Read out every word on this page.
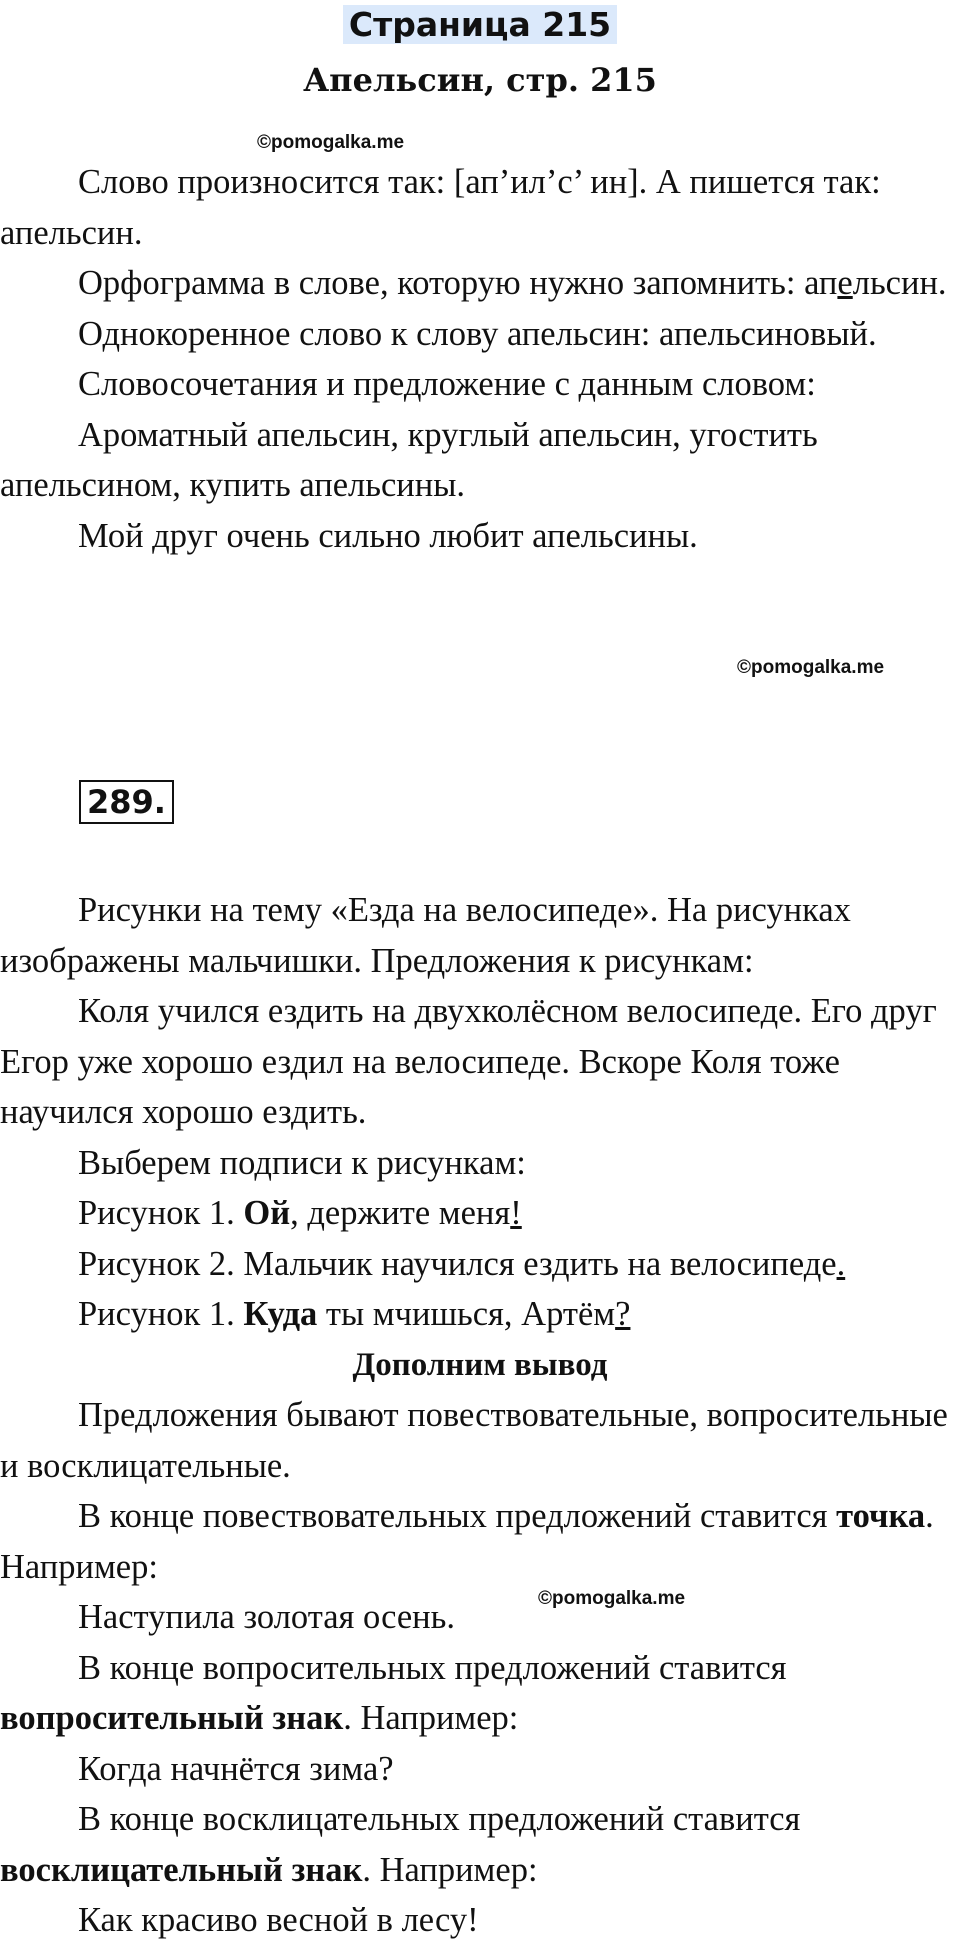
Страница 215
Апельсин, стр. 215
©pomogalka.me

Слово произносится так: [ап’ил’с’ ин]. А пишется так: апельсин.

Орфограмма в слове, которую нужно запомнить: апельсин.

Однокоренное слово к слову апельсин: апельсиновый.

Словосочетания и предложение с данным словом:

Ароматный апельсин, круглый апельсин, угостить апельсином, купить апельсины.

Мой друг очень сильно любит апельсины.

©pomogalka.me
289.

Рисунки на тему «Езда на велосипеде». На рисунках изображены мальчишки. Предложения к рисункам:

Коля учился ездить на двухколёсном велосипеде. Его друг Егор уже хорошо ездил на велосипеде. Вскоре Коля тоже научился хорошо ездить.

Выберем подписи к рисункам:

Рисунок 1. Ой, держите меня!

Рисунок 2. Мальчик научился ездить на велосипеде.

Рисунок 1. Куда ты мчишься, Артём?

Дополним вывод

Предложения бывают повествовательные, вопросительные и восклицательные.

В конце повествовательных предложений ставится точка. Например:

Наступила золотая осень.

В конце вопросительных предложений ставится вопросительный знак. Например:

Когда начнётся зима?

В конце восклицательных предложений ставится восклицательный знак. Например:

Как красиво весной в лесу!

©pomogalka.me
